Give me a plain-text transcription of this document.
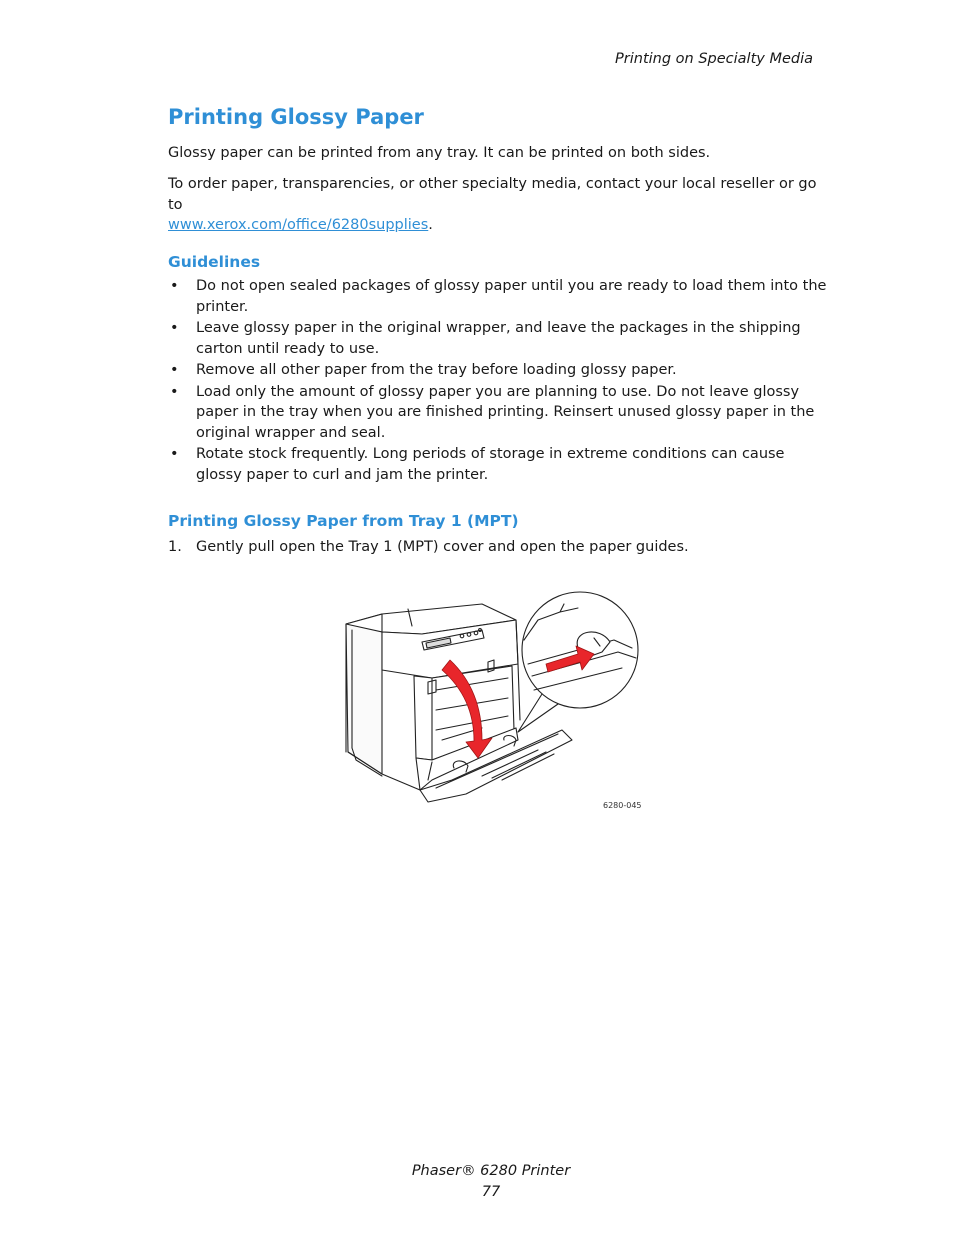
Printing on Specialty Media
Printing Glossy Paper

Glossy paper can be printed from any tray. It can be printed on both sides.

To order paper, transparencies, or other specialty media, contact your local reseller or go to
www.xerox.com/office/6280supplies.

Guidelines
• Do not open sealed packages of glossy paper until you are ready to load them into the printer.
• Leave glossy paper in the original wrapper, and leave the packages in the shipping carton until ready to use.
• Remove all other paper from the tray before loading glossy paper.
• Load only the amount of glossy paper you are planning to use. Do not leave glossy paper in the tray when you are finished printing. Reinsert unused glossy paper in the original wrapper and seal.
• Rotate stock frequently. Long periods of storage in extreme conditions can cause glossy paper to curl and jam the printer.
Printing Glossy Paper from Tray 1 (MPT)
1. Gently pull open the Tray 1 (MPT) cover and open the paper guides.
6280-045
Phaser® 6280 Printer
77
